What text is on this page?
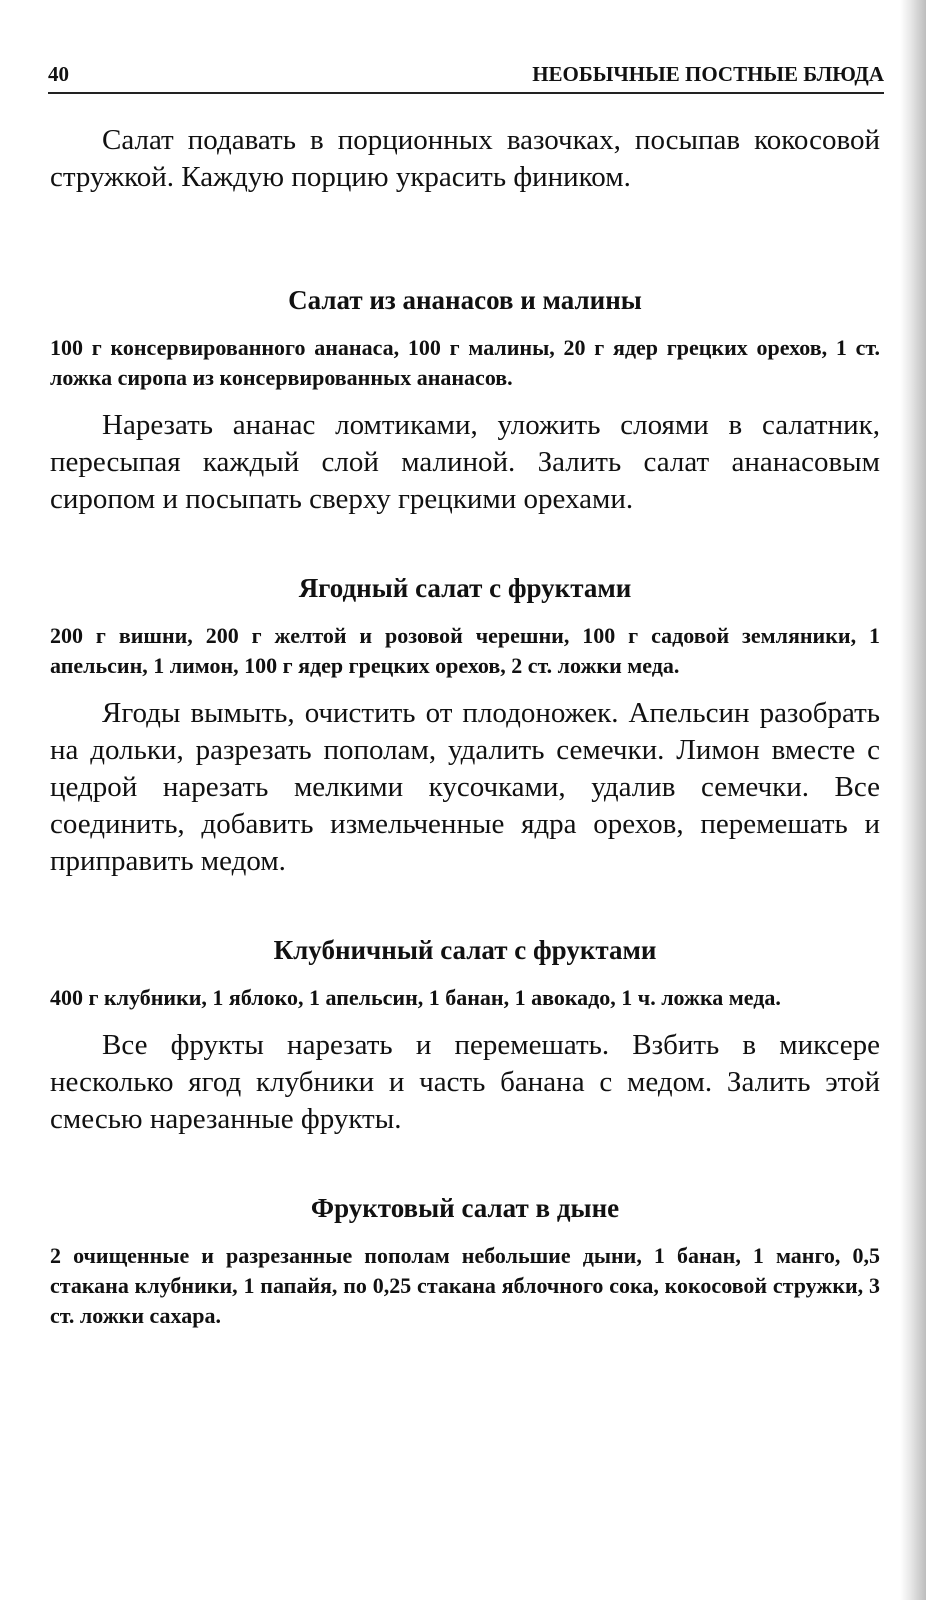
40	НЕОБЫЧНЫЕ ПОСТНЫЕ БЛЮДА

Салат подавать в порционных вазочках, посыпав кокосовой стружкой. Каждую порцию украсить фиником.

Салат из ананасов и малины

100 г консервированного ананаса, 100 г малины, 20 г ядер грецких орехов, 1 ст. ложка сиропа из консервированных ананасов.

Нарезать ананас ломтиками, уложить слоями в салатник, пересыпая каждый слой малиной. Залить салат ананасовым сиропом и посыпать сверху грецкими орехами.

Ягодный салат с фруктами

200 г вишни, 200 г желтой и розовой черешни, 100 г садовой земляники, 1 апельсин, 1 лимон, 100 г ядер грецких орехов, 2 ст. ложки меда.

Ягоды вымыть, очистить от плодоножек. Апельсин разобрать на дольки, разрезать пополам, удалить семечки. Лимон вместе с цедрой нарезать мелкими кусочками, удалив семечки. Все соединить, добавить измельченные ядра орехов, перемешать и приправить медом.

Клубничный салат с фруктами

400 г клубники, 1 яблоко, 1 апельсин, 1 банан, 1 авокадо, 1 ч. ложка меда.

Все фрукты нарезать и перемешать. Взбить в миксере несколько ягод клубники и часть банана с медом. Залить этой смесью нарезанные фрукты.

Фруктовый салат в дыне

2 очищенные и разрезанные пополам небольшие дыни, 1 банан, 1 манго, 0,5 стакана клубники, 1 папайя, по 0,25 стакана яблочного сока, кокосовой стружки, 3 ст. ложки сахара.
